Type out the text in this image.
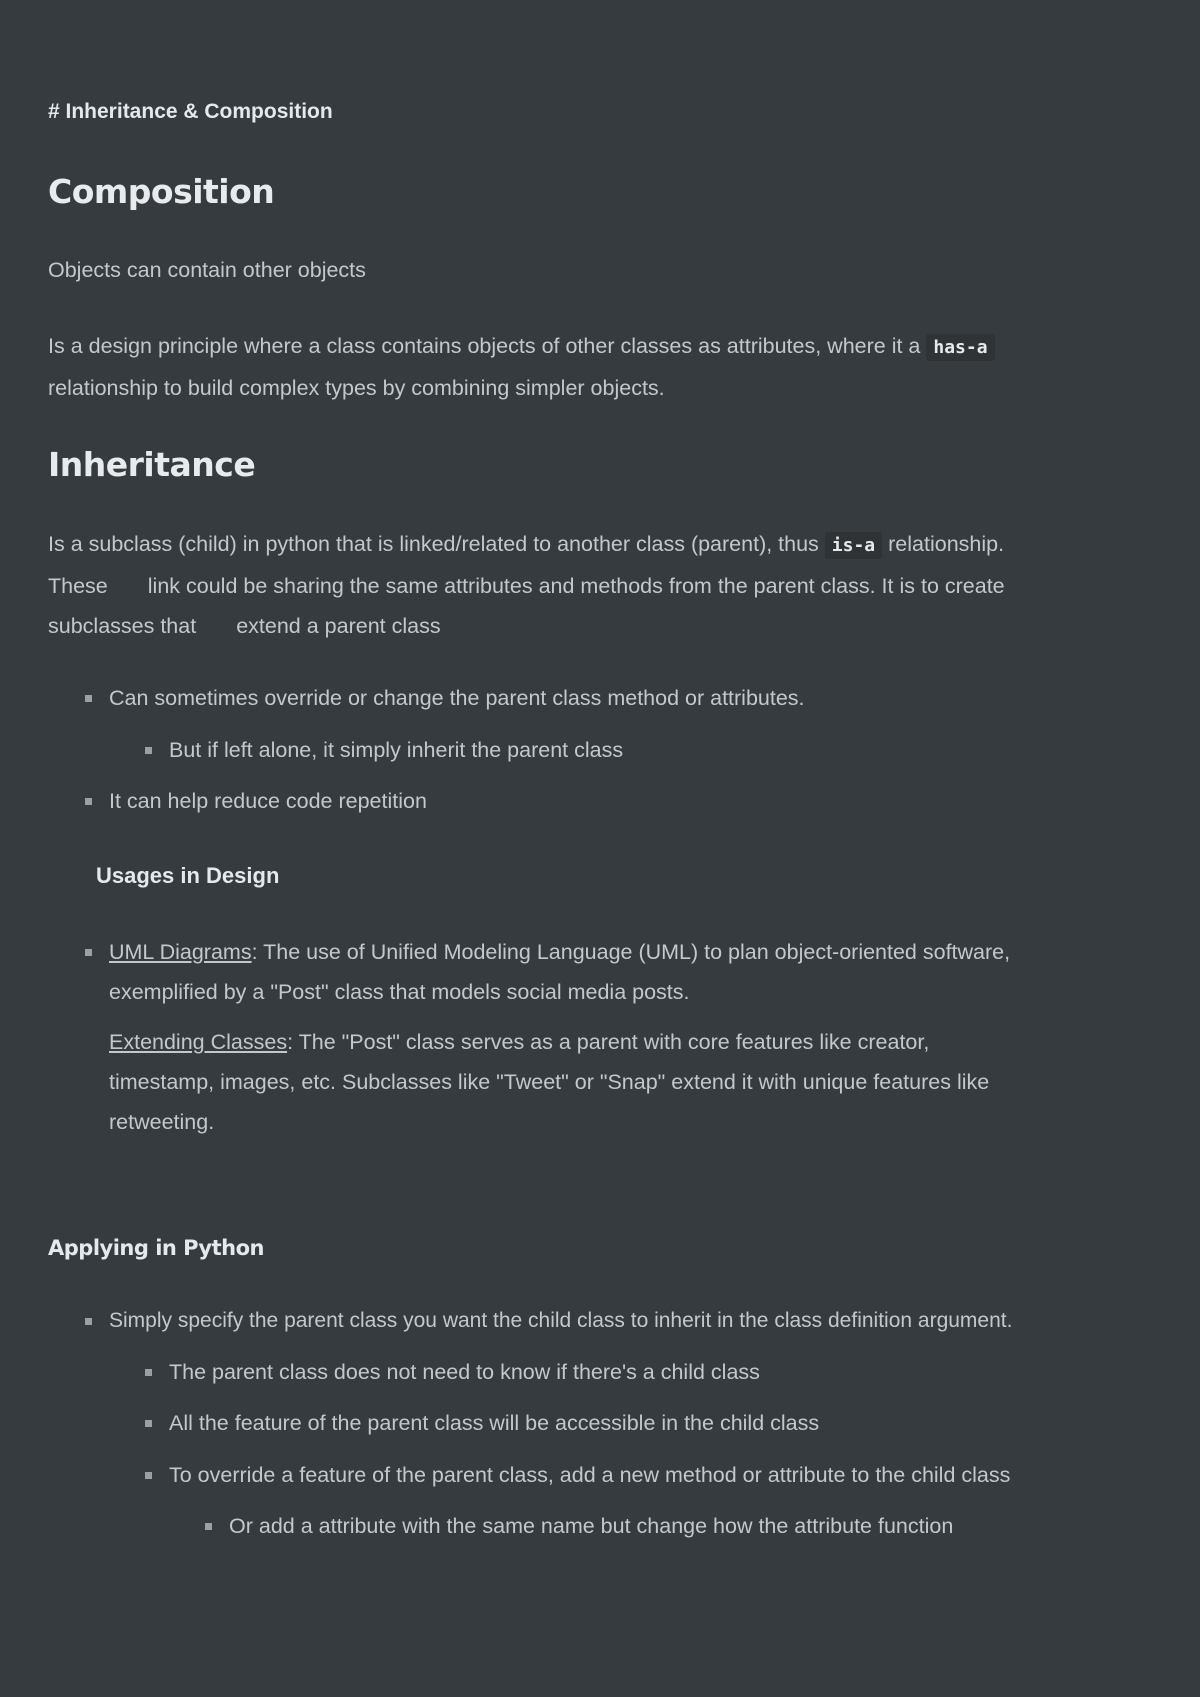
# Inheritance & Composition
Composition

Objects can contain other objects

Is a design principle where a class contains objects of other classes as attributes, where it a has-a
relationship to build complex types by combining simpler objects.

Inheritance

Is a subclass (child) in python that is linked/related to another class (parent), thus is-a relationship.
These link could be sharing the same attributes and methods from the parent class. It is to create
subclasses that extend a parent class

Can sometimes override or change the parent class method or attributes.
But if left alone, it simply inherit the parent class
It can help reduce code repetition
Usages in Design
UML Diagrams: The use of Unified Modeling Language (UML) to plan object-oriented software,
exemplified by a "Post" class that models social media posts.

Extending Classes: The "Post" class serves as a parent with core features like creator,
timestamp, images, etc. Subclasses like "Tweet" or "Snap" extend it with unique features like
retweeting.

Applying in Python
Simply specify the parent class you want the child class to inherit in the class definition argument.
The parent class does not need to know if there's a child class
All the feature of the parent class will be accessible in the child class
To override a feature of the parent class, add a new method or attribute to the child class
Or add a attribute with the same name but change how the attribute function
